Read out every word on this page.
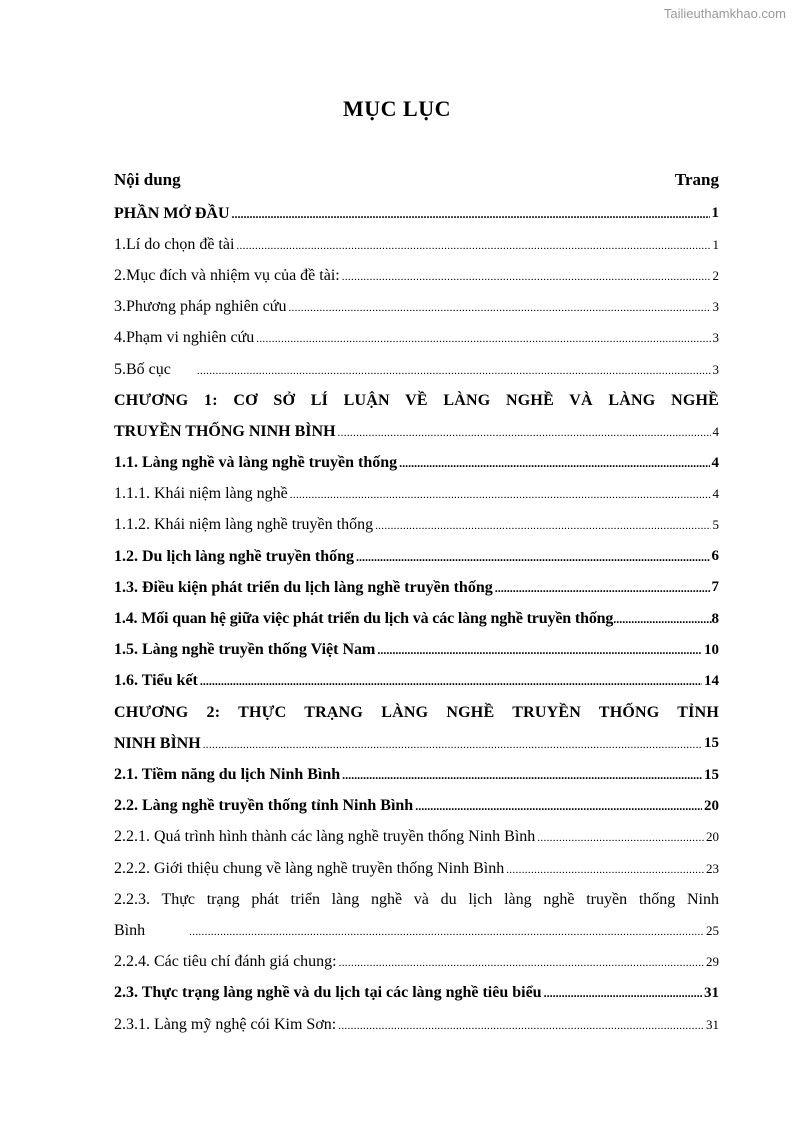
Tailieuthamkhao.com
MỤC LỤC
Nội dung	Trang
PHẦN MỞ ĐẦU . . .	1
1.Lí do chọn đề tài . . .	1
2.Mục đích và nhiệm vụ của đề tài: . . .	2
3.Phương pháp nghiên cứu . . .	3
4.Phạm vi nghiên cứu . . .	3
5.Bố cục . . .	3
CHƯƠNG 1: CƠ SỞ LÍ LUẬN VỀ LÀNG NGHỀ VÀ LÀNG NGHỀ
TRUYỀN THỐNG NINH BÌNH . . .	4
1.1. Làng nghề và làng nghề truyền thống . . .	4
1.1.1. Khái niệm làng nghề . . .	4
1.1.2. Khái niệm làng nghề truyền thống . . .	5
1.2. Du lịch làng nghề truyền thống . . .	6
1.3. Điều kiện phát triển du lịch làng nghề truyền thống . . .	7
1.4. Mối quan hệ giữa việc phát triển du lịch và các làng nghề truyền thống . . .	8
1.5. Làng nghề truyền thống Việt Nam . . .	10
1.6. Tiểu kết . . .	14
CHƯƠNG 2: THỰC TRẠNG LÀNG NGHỀ TRUYỀN THỐNG TỈNH
NINH BÌNH . . .	15
2.1. Tiềm năng du lịch Ninh Bình . . .	15
2.2. Làng nghề truyền thống tỉnh Ninh Bình . . .	20
2.2.1. Quá trình hình thành các làng nghề truyền thống Ninh Bình . . .	20
2.2.2. Giới thiệu chung về làng nghề truyền thống Ninh Bình . . .	23
2.2.3. Thực trạng phát triển làng nghề và du lịch làng nghề truyền thống Ninh
Bình . . .	25
2.2.4. Các tiêu chí đánh giá chung: . . .	29
2.3. Thực trạng làng nghề và du lịch tại các làng nghề tiêu biểu . . .	31
2.3.1. Làng mỹ nghệ cói Kim Sơn: . . .	31
